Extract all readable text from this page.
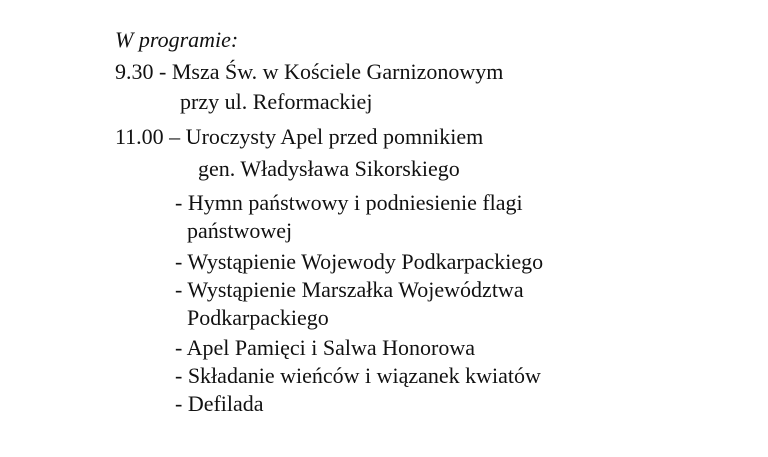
W programie:
9.30 - Msza Św. w Kościele Garnizonowym
przy ul. Reformackiej
11.00 – Uroczysty Apel przed pomnikiem
gen. Władysława Sikorskiego
- Hymn państwowy i podniesienie flagi
państwowej
- Wystąpienie Wojewody Podkarpackiego
- Wystąpienie Marszałka Województwa
Podkarpackiego
- Apel Pamięci i Salwa Honorowa
- Składanie wieńców i wiązanek kwiatów
- Defilada
